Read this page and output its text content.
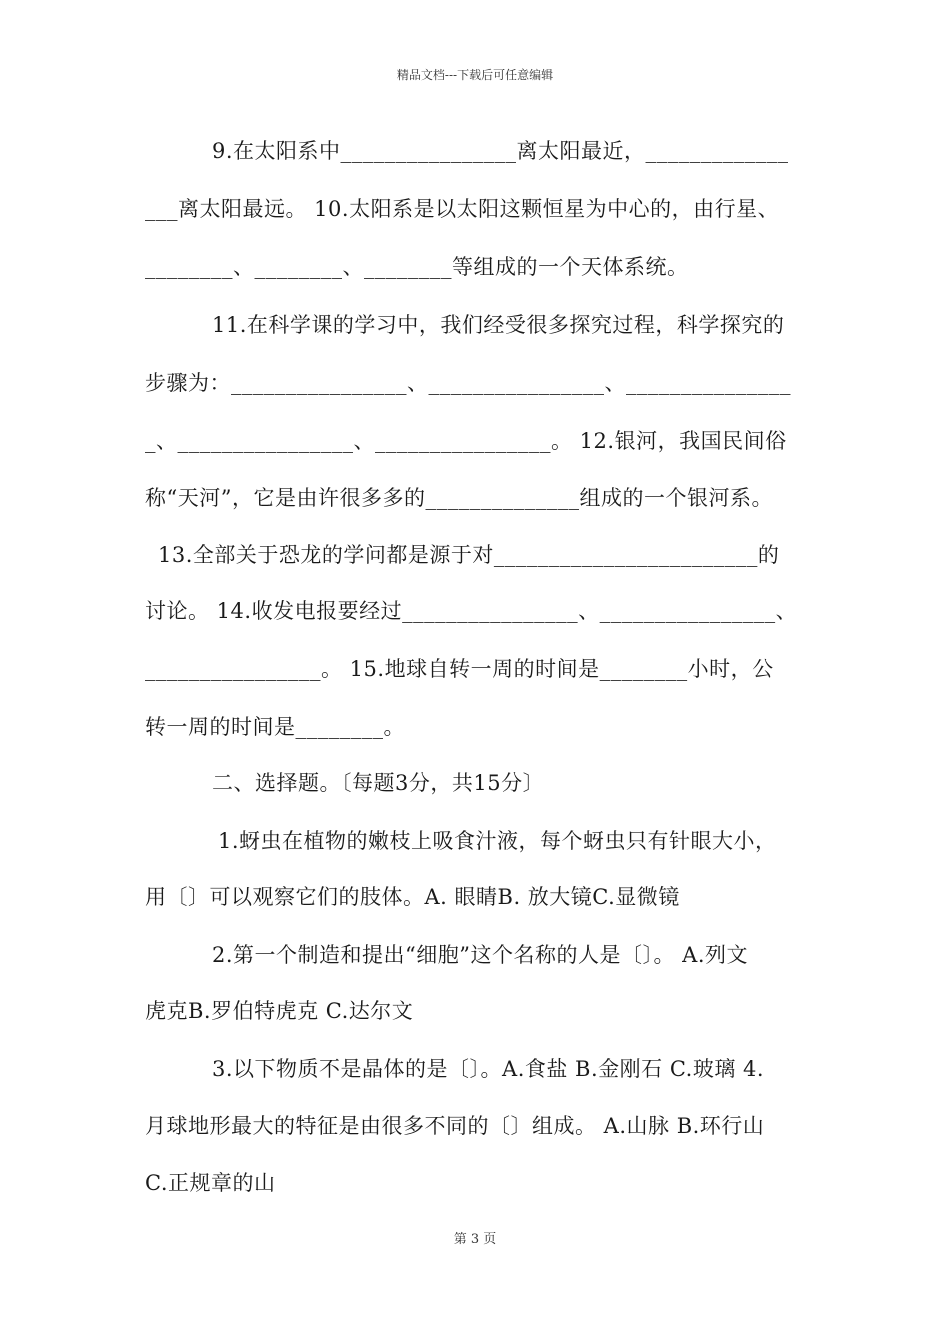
精品文档---下载后可任意编辑
9.在太阳系中________________离太阳最近，_____________
___离太阳最远。 10.太阳系是以太阳这颗恒星为中心的，由行星、
________、________、________等组成的一个天体系统。
11.在科学课的学习中，我们经受很多探究过程，科学探究的
步骤为：________________、________________、_______________
_、________________、________________。 12.银河，我国民间俗
称“天河”，它是由许很多多的______________组成的一个银河系。
13.全部关于恐龙的学问都是源于对________________________的
讨论。 14.收发电报要经过________________、________________、
________________。 15.地球自转一周的时间是________小时，公
转一周的时间是________。
二、选择题。〔每题3分，共15分〕
1.蚜虫在植物的嫩枝上吸食汁液，每个蚜虫只有针眼大小，
用〔〕可以观察它们的肢体。A. 眼睛B. 放大镜C.显微镜
2.第一个制造和提出“细胞”这个名称的人是〔〕。 A.列文
虎克B.罗伯特虎克 C.达尔文
3.以下物质不是晶体的是〔〕。A.食盐 B.金刚石 C.玻璃 4.
月球地形最大的特征是由很多不同的〔〕组成。 A.山脉 B.环行山
C.正规章的山
第 3 页
